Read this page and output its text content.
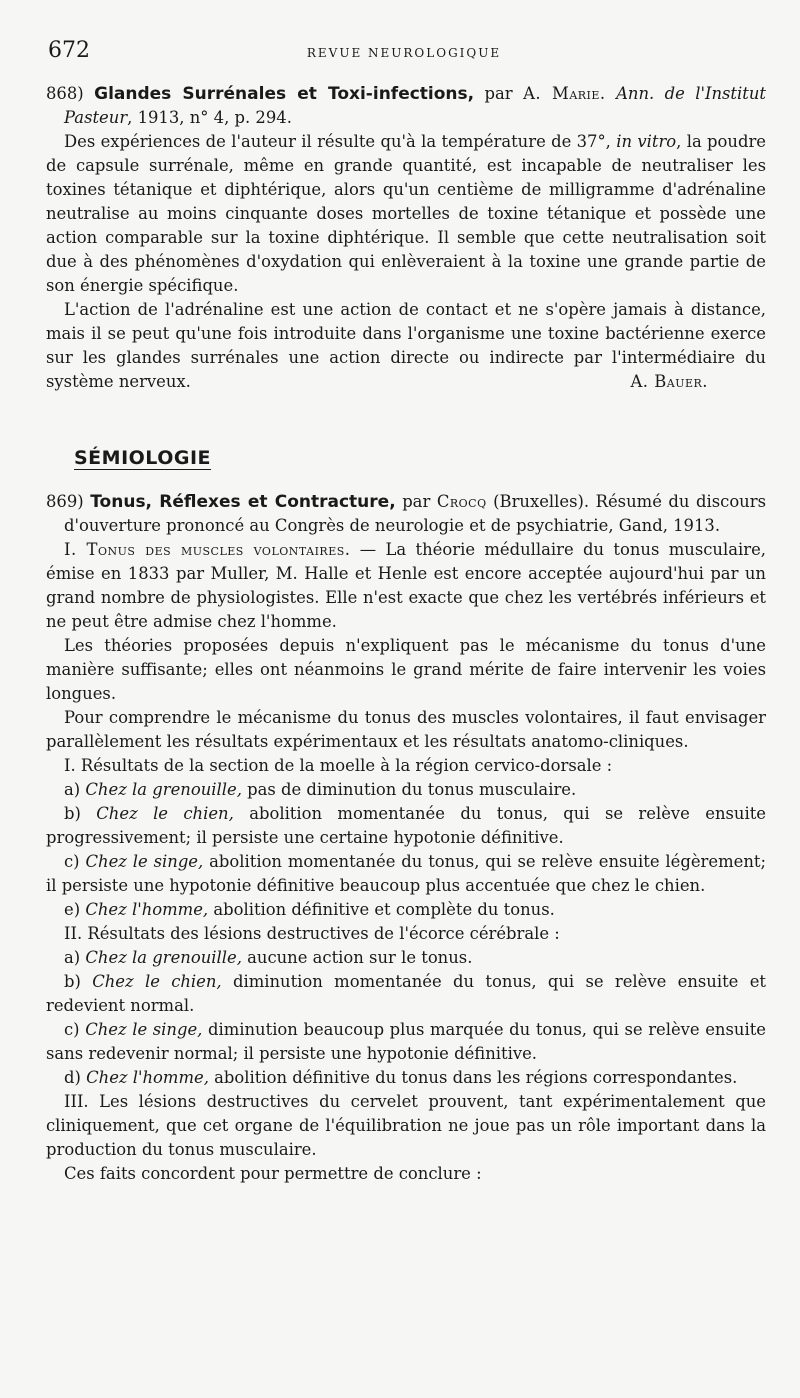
672	REVUE NEUROLOGIQUE

868) Glandes Surrénales et Toxi-infections, par A. Marie. Ann. de l'Institut Pasteur, 1913, n° 4, p. 294.

Des expériences de l'auteur il résulte qu'à la température de 37°, in vitro, la poudre de capsule surrénale, même en grande quantité, est incapable de neutraliser les toxines tétanique et diphtérique, alors qu'un centième de milligramme d'adrénaline neutralise au moins cinquante doses mortelles de toxine tétanique et possède une action comparable sur la toxine diphtérique. Il semble que cette neutralisation soit due à des phénomènes d'oxydation qui enlèveraient à la toxine une grande partie de son énergie spécifique.

L'action de l'adrénaline est une action de contact et ne s'opère jamais à distance, mais il se peut qu'une fois introduite dans l'organisme une toxine bactérienne exerce sur les glandes surrénales une action directe ou indirecte par l'intermédiaire du système nerveux.	A. Bauer.

SÉMIOLOGIE

869) Tonus, Réflexes et Contracture, par Crocq (Bruxelles). Résumé du discours d'ouverture prononcé au Congrès de neurologie et de psychiatrie, Gand, 1913.

I. Tonus des muscles volontaires. — La théorie médullaire du tonus musculaire, émise en 1833 par Muller, M. Halle et Henle est encore acceptée aujourd'hui par un grand nombre de physiologistes. Elle n'est exacte que chez les vertébrés inférieurs et ne peut être admise chez l'homme.

Les théories proposées depuis n'expliquent pas le mécanisme du tonus d'une manière suffisante; elles ont néanmoins le grand mérite de faire intervenir les voies longues.

Pour comprendre le mécanisme du tonus des muscles volontaires, il faut envisager parallèlement les résultats expérimentaux et les résultats anatomo-cliniques.

I. Résultats de la section de la moelle à la région cervico-dorsale :

a) Chez la grenouille, pas de diminution du tonus musculaire.

b) Chez le chien, abolition momentanée du tonus, qui se relève ensuite progressivement; il persiste une certaine hypotonie définitive.

c) Chez le singe, abolition momentanée du tonus, qui se relève ensuite légèrement; il persiste une hypotonie définitive beaucoup plus accentuée que chez le chien.

e) Chez l'homme, abolition définitive et complète du tonus.

II. Résultats des lésions destructives de l'écorce cérébrale :

a) Chez la grenouille, aucune action sur le tonus.

b) Chez le chien, diminution momentanée du tonus, qui se relève ensuite et redevient normal.

c) Chez le singe, diminution beaucoup plus marquée du tonus, qui se relève ensuite sans redevenir normal; il persiste une hypotonie définitive.

d) Chez l'homme, abolition définitive du tonus dans les régions correspondantes.

III. Les lésions destructives du cervelet prouvent, tant expérimentalement que cliniquement, que cet organe de l'équilibration ne joue pas un rôle important dans la production du tonus musculaire.

Ces faits concordent pour permettre de conclure :
